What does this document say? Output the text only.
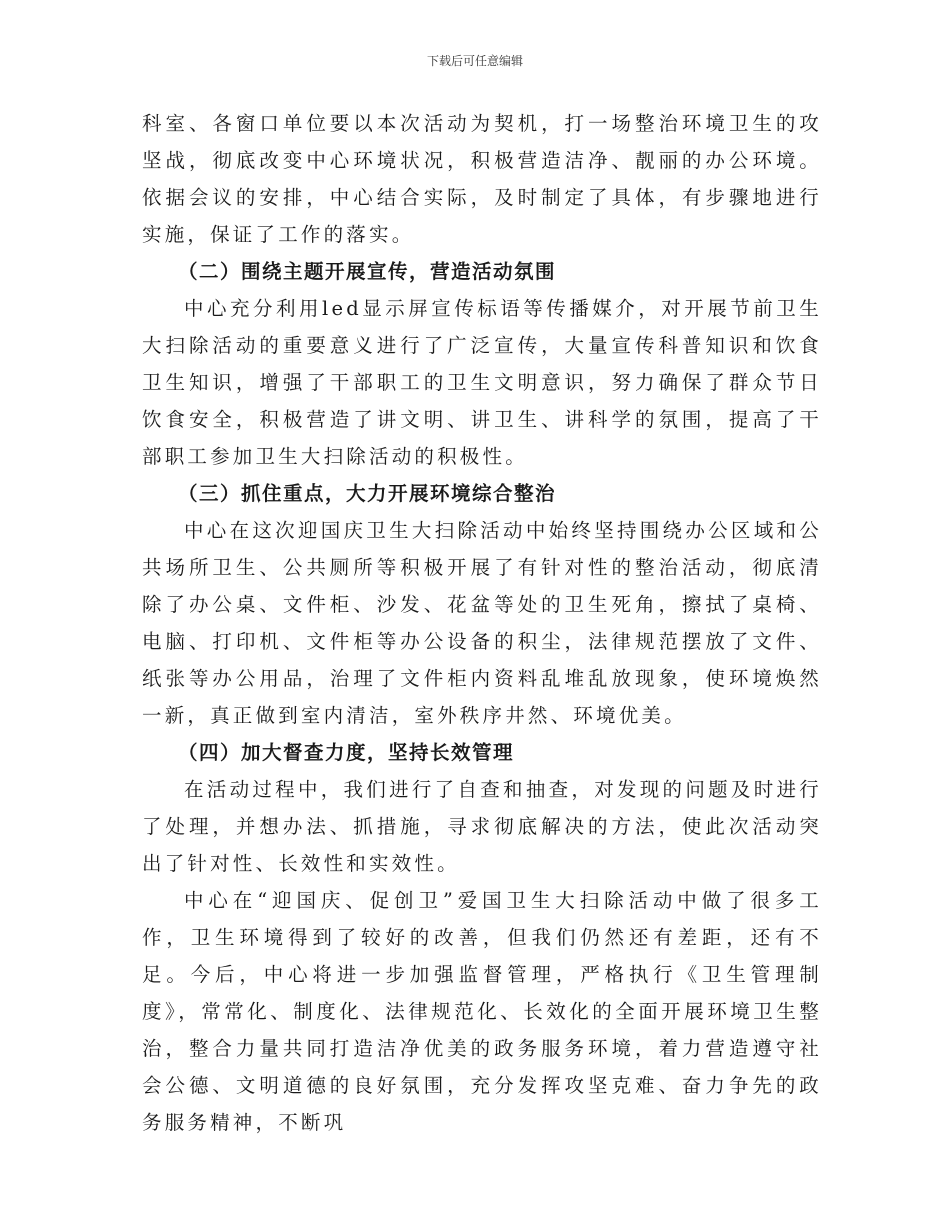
下载后可任意编辑

科室、各窗口单位要以本次活动为契机，打一场整治环境卫生的攻坚战，彻底改变中心环境状况，积极营造洁净、靓丽的办公环境。依据会议的安排，中心结合实际，及时制定了具体，有步骤地进行实施，保证了工作的落实。

（二）围绕主题开展宣传，营造活动氛围

中心充分利用led显示屏宣传标语等传播媒介，对开展节前卫生大扫除活动的重要意义进行了广泛宣传，大量宣传科普知识和饮食卫生知识，增强了干部职工的卫生文明意识，努力确保了群众节日饮食安全，积极营造了讲文明、讲卫生、讲科学的氛围，提高了干部职工参加卫生大扫除活动的积极性。

（三）抓住重点，大力开展环境综合整治

中心在这次迎国庆卫生大扫除活动中始终坚持围绕办公区域和公共场所卫生、公共厕所等积极开展了有针对性的整治活动，彻底清除了办公桌、文件柜、沙发、花盆等处的卫生死角，擦拭了桌椅、电脑、打印机、文件柜等办公设备的积尘，法律规范摆放了文件、纸张等办公用品，治理了文件柜内资料乱堆乱放现象，使环境焕然一新，真正做到室内清洁，室外秩序井然、环境优美。

（四）加大督查力度，坚持长效管理

在活动过程中，我们进行了自查和抽查，对发现的问题及时进行了处理，并想办法、抓措施，寻求彻底解决的方法，使此次活动突出了针对性、长效性和实效性。

中心在“迎国庆、促创卫”爱国卫生大扫除活动中做了很多工作，卫生环境得到了较好的改善，但我们仍然还有差距，还有不足。今后，中心将进一步加强监督管理，严格执行《卫生管理制度》，常常化、制度化、法律规范化、长效化的全面开展环境卫生整治，整合力量共同打造洁净优美的政务服务环境，着力营造遵守社会公德、文明道德的良好氛围，充分发挥攻坚克难、奋力争先的政务服务精神，不断巩
